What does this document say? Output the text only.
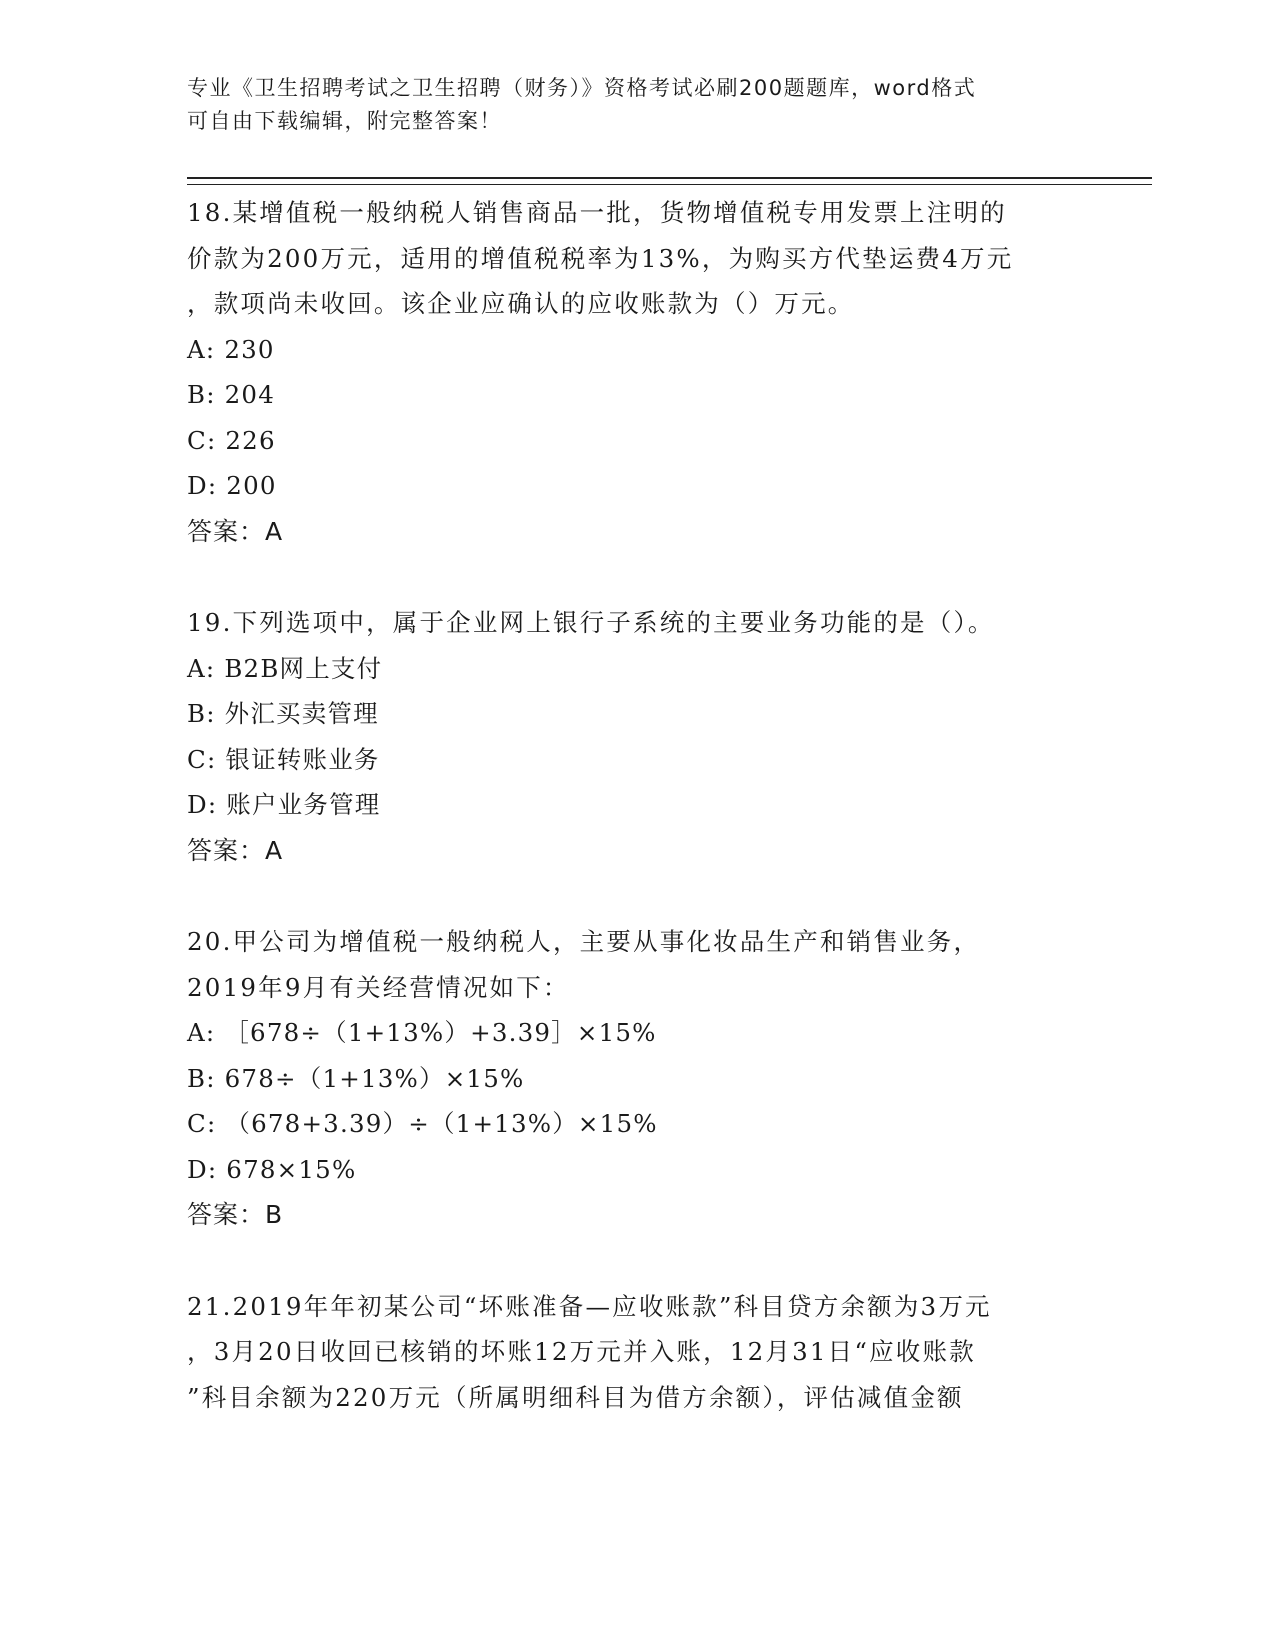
专业《卫生招聘考试之卫生招聘（财务）》资格考试必刷200题题库，word格式
可自由下载编辑，附完整答案！

18.某增值税一般纳税人销售商品一批，货物增值税专用发票上注明的
价款为200万元，适用的增值税税率为13%，为购买方代垫运费4万元
，款项尚未收回。该企业应确认的应收账款为（）万元。

A: 230
B: 204
C: 226
D: 200
答案：A

19.下列选项中，属于企业网上银行子系统的主要业务功能的是（）。

A: B2B网上支付
B: 外汇买卖管理
C: 银证转账业务
D: 账户业务管理
答案：A

20.甲公司为增值税一般纳税人，主要从事化妆品生产和销售业务，
2019年9月有关经营情况如下：

A: ［678÷（1+13%）+3.39］×15%
B: 678÷（1+13%）×15%
C: （678+3.39）÷（1+13%）×15%
D: 678×15%
答案：B

21.2019年年初某公司“坏账准备—应收账款”科目贷方余额为3万元
，3月20日收回已核销的坏账12万元并入账，12月31日“应收账款
”科目余额为220万元（所属明细科目为借方余额），评估减值金额
